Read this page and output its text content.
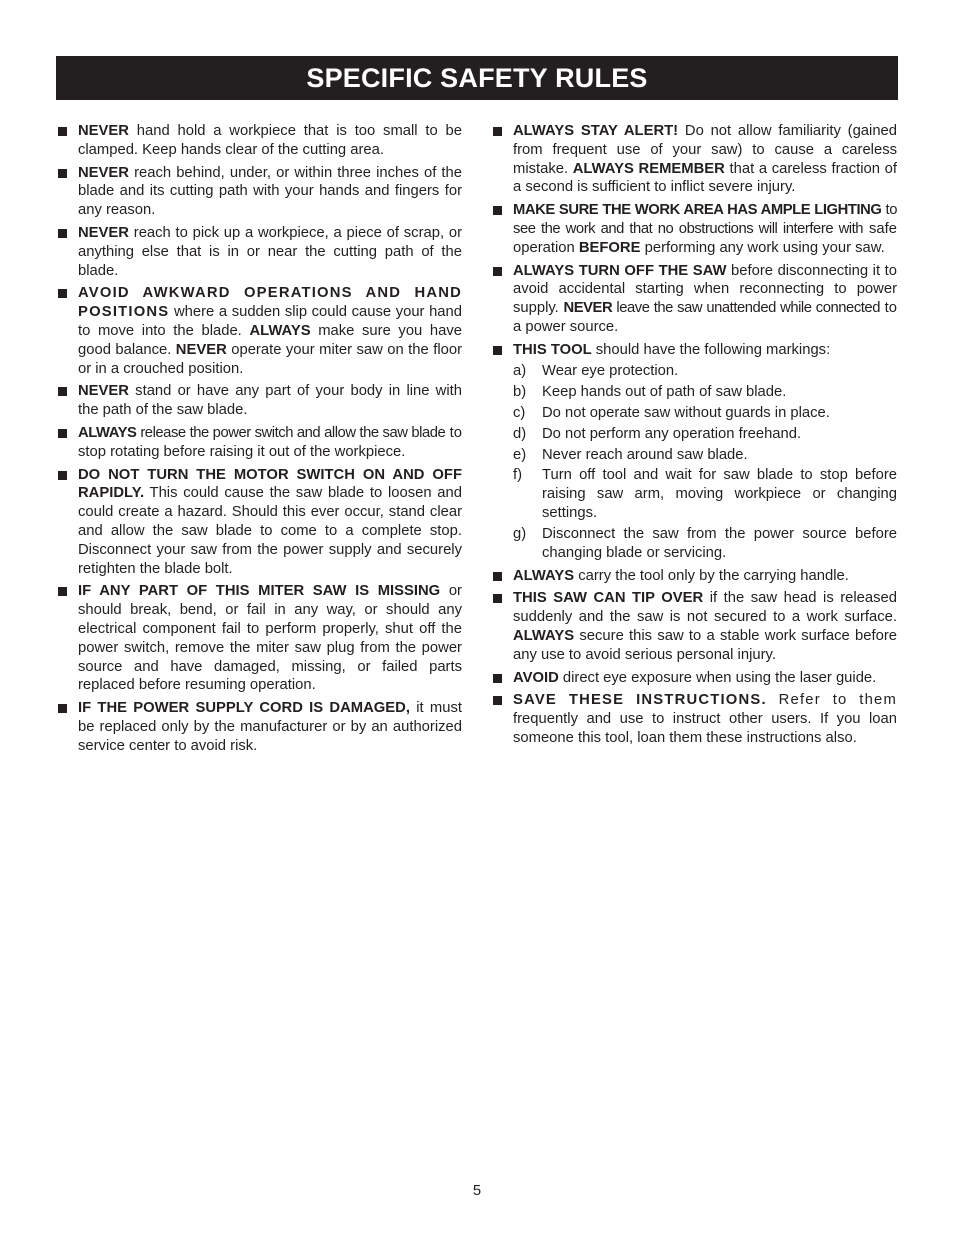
SPECIFIC SAFETY RULES
NEVER hand hold a workpiece that is too small to be clamped. Keep hands clear of the cutting area.
NEVER reach behind, under, or within three inches of the blade and its cutting path with your hands and fingers for any reason.
NEVER reach to pick up a workpiece, a piece of scrap, or anything else that is in or near the cutting path of the blade.
AVOID AWKWARD OPERATIONS AND HAND POSITIONS where a sudden slip could cause your hand to move into the blade. ALWAYS make sure you have good balance. NEVER operate your miter saw on the floor or in a crouched position.
NEVER stand or have any part of your body in line with the path of the saw blade.
ALWAYS release the power switch and allow the saw blade to stop rotating before raising it out of the workpiece.
DO NOT TURN THE MOTOR SWITCH ON AND OFF RAPIDLY. This could cause the saw blade to loosen and could create a hazard. Should this ever occur, stand clear and allow the saw blade to come to a complete stop. Disconnect your saw from the power supply and securely retighten the blade bolt.
IF ANY PART OF THIS MITER SAW IS MISSING or should break, bend, or fail in any way, or should any electrical component fail to perform properly, shut off the power switch, remove the miter saw plug from the power source and have damaged, missing, or failed parts replaced before resuming operation.
IF THE POWER SUPPLY CORD IS DAMAGED, it must be replaced only by the manufacturer or by an authorized service center to avoid risk.
ALWAYS STAY ALERT! Do not allow familiarity (gained from frequent use of your saw) to cause a careless mistake. ALWAYS REMEMBER that a careless fraction of a second is sufficient to inflict severe injury.
MAKE SURE THE WORK AREA HAS AMPLE LIGHTING to see the work and that no obstructions will interfere with safe operation BEFORE performing any work using your saw.
ALWAYS TURN OFF THE SAW before disconnecting it to avoid accidental starting when reconnecting to power supply. NEVER leave the saw unattended while connected to a power source.
THIS TOOL should have the following markings:
a) Wear eye protection.
b) Keep hands out of path of saw blade.
c) Do not operate saw without guards in place.
d) Do not perform any operation freehand.
e) Never reach around saw blade.
f) Turn off tool and wait for saw blade to stop before raising saw arm, moving workpiece or changing settings.
g) Disconnect the saw from the power source before changing blade or servicing.
ALWAYS carry the tool only by the carrying handle.
THIS SAW CAN TIP OVER if the saw head is released suddenly and the saw is not secured to a work surface. ALWAYS secure this saw to a stable work surface before any use to avoid serious personal injury.
AVOID direct eye exposure when using the laser guide.
SAVE THESE INSTRUCTIONS. Refer to them frequently and use to instruct other users. If you loan someone this tool, loan them these instructions also.
5
